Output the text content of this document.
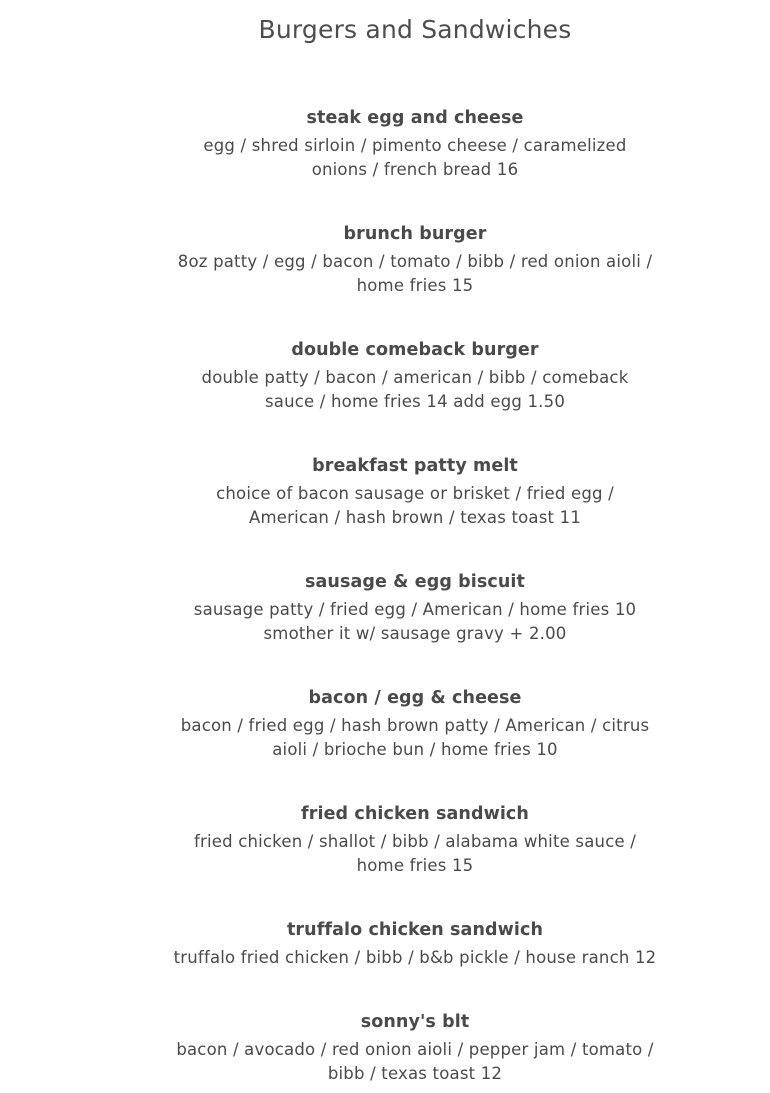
Burgers and Sandwiches
steak egg and cheese
egg / shred sirloin / pimento cheese / caramelized
onions / french bread 16
brunch burger
8oz patty / egg / bacon / tomato / bibb / red onion aioli /
home fries 15
double comeback burger
double patty / bacon / american / bibb / comeback
sauce / home fries 14 add egg 1.50
breakfast patty melt
choice of bacon sausage or brisket / fried egg /
American / hash brown / texas toast 11
sausage & egg biscuit
sausage patty / fried egg / American / home fries 10
smother it w/ sausage gravy + 2.00
bacon / egg & cheese
bacon / fried egg / hash brown patty / American / citrus
aioli / brioche bun / home fries 10
fried chicken sandwich
fried chicken / shallot / bibb / alabama white sauce /
home fries 15
truffalo chicken sandwich
truffalo fried chicken / bibb / b&b pickle / house ranch 12
sonny's blt
bacon / avocado / red onion aioli / pepper jam / tomato /
bibb / texas toast 12
